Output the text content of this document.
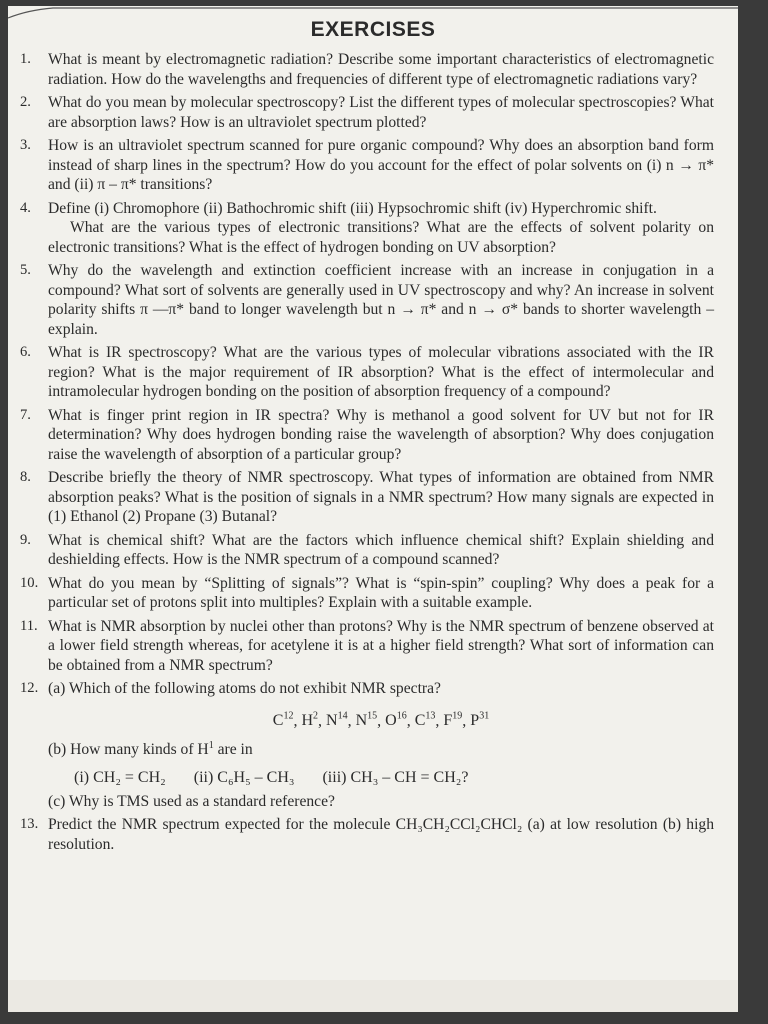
EXERCISES
1. What is meant by electromagnetic radiation? Describe some important characteristics of electromagnetic radiation. How do the wavelengths and frequencies of different type of electromagnetic radiations vary?
2. What do you mean by molecular spectroscopy? List the different types of molecular spectroscopies? What are absorption laws? How is an ultraviolet spectrum plotted?
3. How is an ultraviolet spectrum scanned for pure organic compound? Why does an absorption band form instead of sharp lines in the spectrum? How do you account for the effect of polar solvents on (i) n → π* and (ii) π – π* transitions?
4. Define (i) Chromophore (ii) Bathochromic shift (iii) Hypsochromic shift (iv) Hyperchromic shift.
What are the various types of electronic transitions? What are the effects of solvent polarity on electronic transitions? What is the effect of hydrogen bonding on UV absorption?
5. Why do the wavelength and extinction coefficient increase with an increase in conjugation in a compound? What sort of solvents are generally used in UV spectroscopy and why? An increase in solvent polarity shifts π —π* band to longer wavelength but n → π* and n → σ* bands to shorter wavelength – explain.
6. What is IR spectroscopy? What are the various types of molecular vibrations associated with the IR region? What is the major requirement of IR absorption? What is the effect of intermolecular and intramolecular hydrogen bonding on the position of absorption frequency of a compound?
7. What is finger print region in IR spectra? Why is methanol a good solvent for UV but not for IR determination? Why does hydrogen bonding raise the wavelength of absorption? Why does conjugation raise the wavelength of absorption of a particular group?
8. Describe briefly the theory of NMR spectroscopy. What types of information are obtained from NMR absorption peaks? What is the position of signals in a NMR spectrum? How many signals are expected in (1) Ethanol (2) Propane (3) Butanal?
9. What is chemical shift? What are the factors which influence chemical shift? Explain shielding and deshielding effects. How is the NMR spectrum of a compound scanned?
10. What do you mean by “Splitting of signals”? What is “spin-spin” coupling? Why does a peak for a particular set of protons split into multiples? Explain with a suitable example.
11. What is NMR absorption by nuclei other than protons? Why is the NMR spectrum of benzene observed at a lower field strength whereas, for acetylene it is at a higher field strength? What sort of information can be obtained from a NMR spectrum?
12. (a) Which of the following atoms do not exhibit NMR spectra?
$C^{12}$, $H^2$, $N^{14}$, $N^{15}$, $O^{16}$, $C^{13}$, $F^{19}$, $P^{31}$
(b) How many kinds of $H^1$ are in
(i) CH₂ = CH₂ (ii) C₆H₅ – CH₃ (iii) CH₃ – CH = CH₂?
(c) Why is TMS used as a standard reference?
13. Predict the NMR spectrum expected for the molecule CH₃CH₂CCl₂CHCl₂ (a) at low resolution (b) high resolution.
